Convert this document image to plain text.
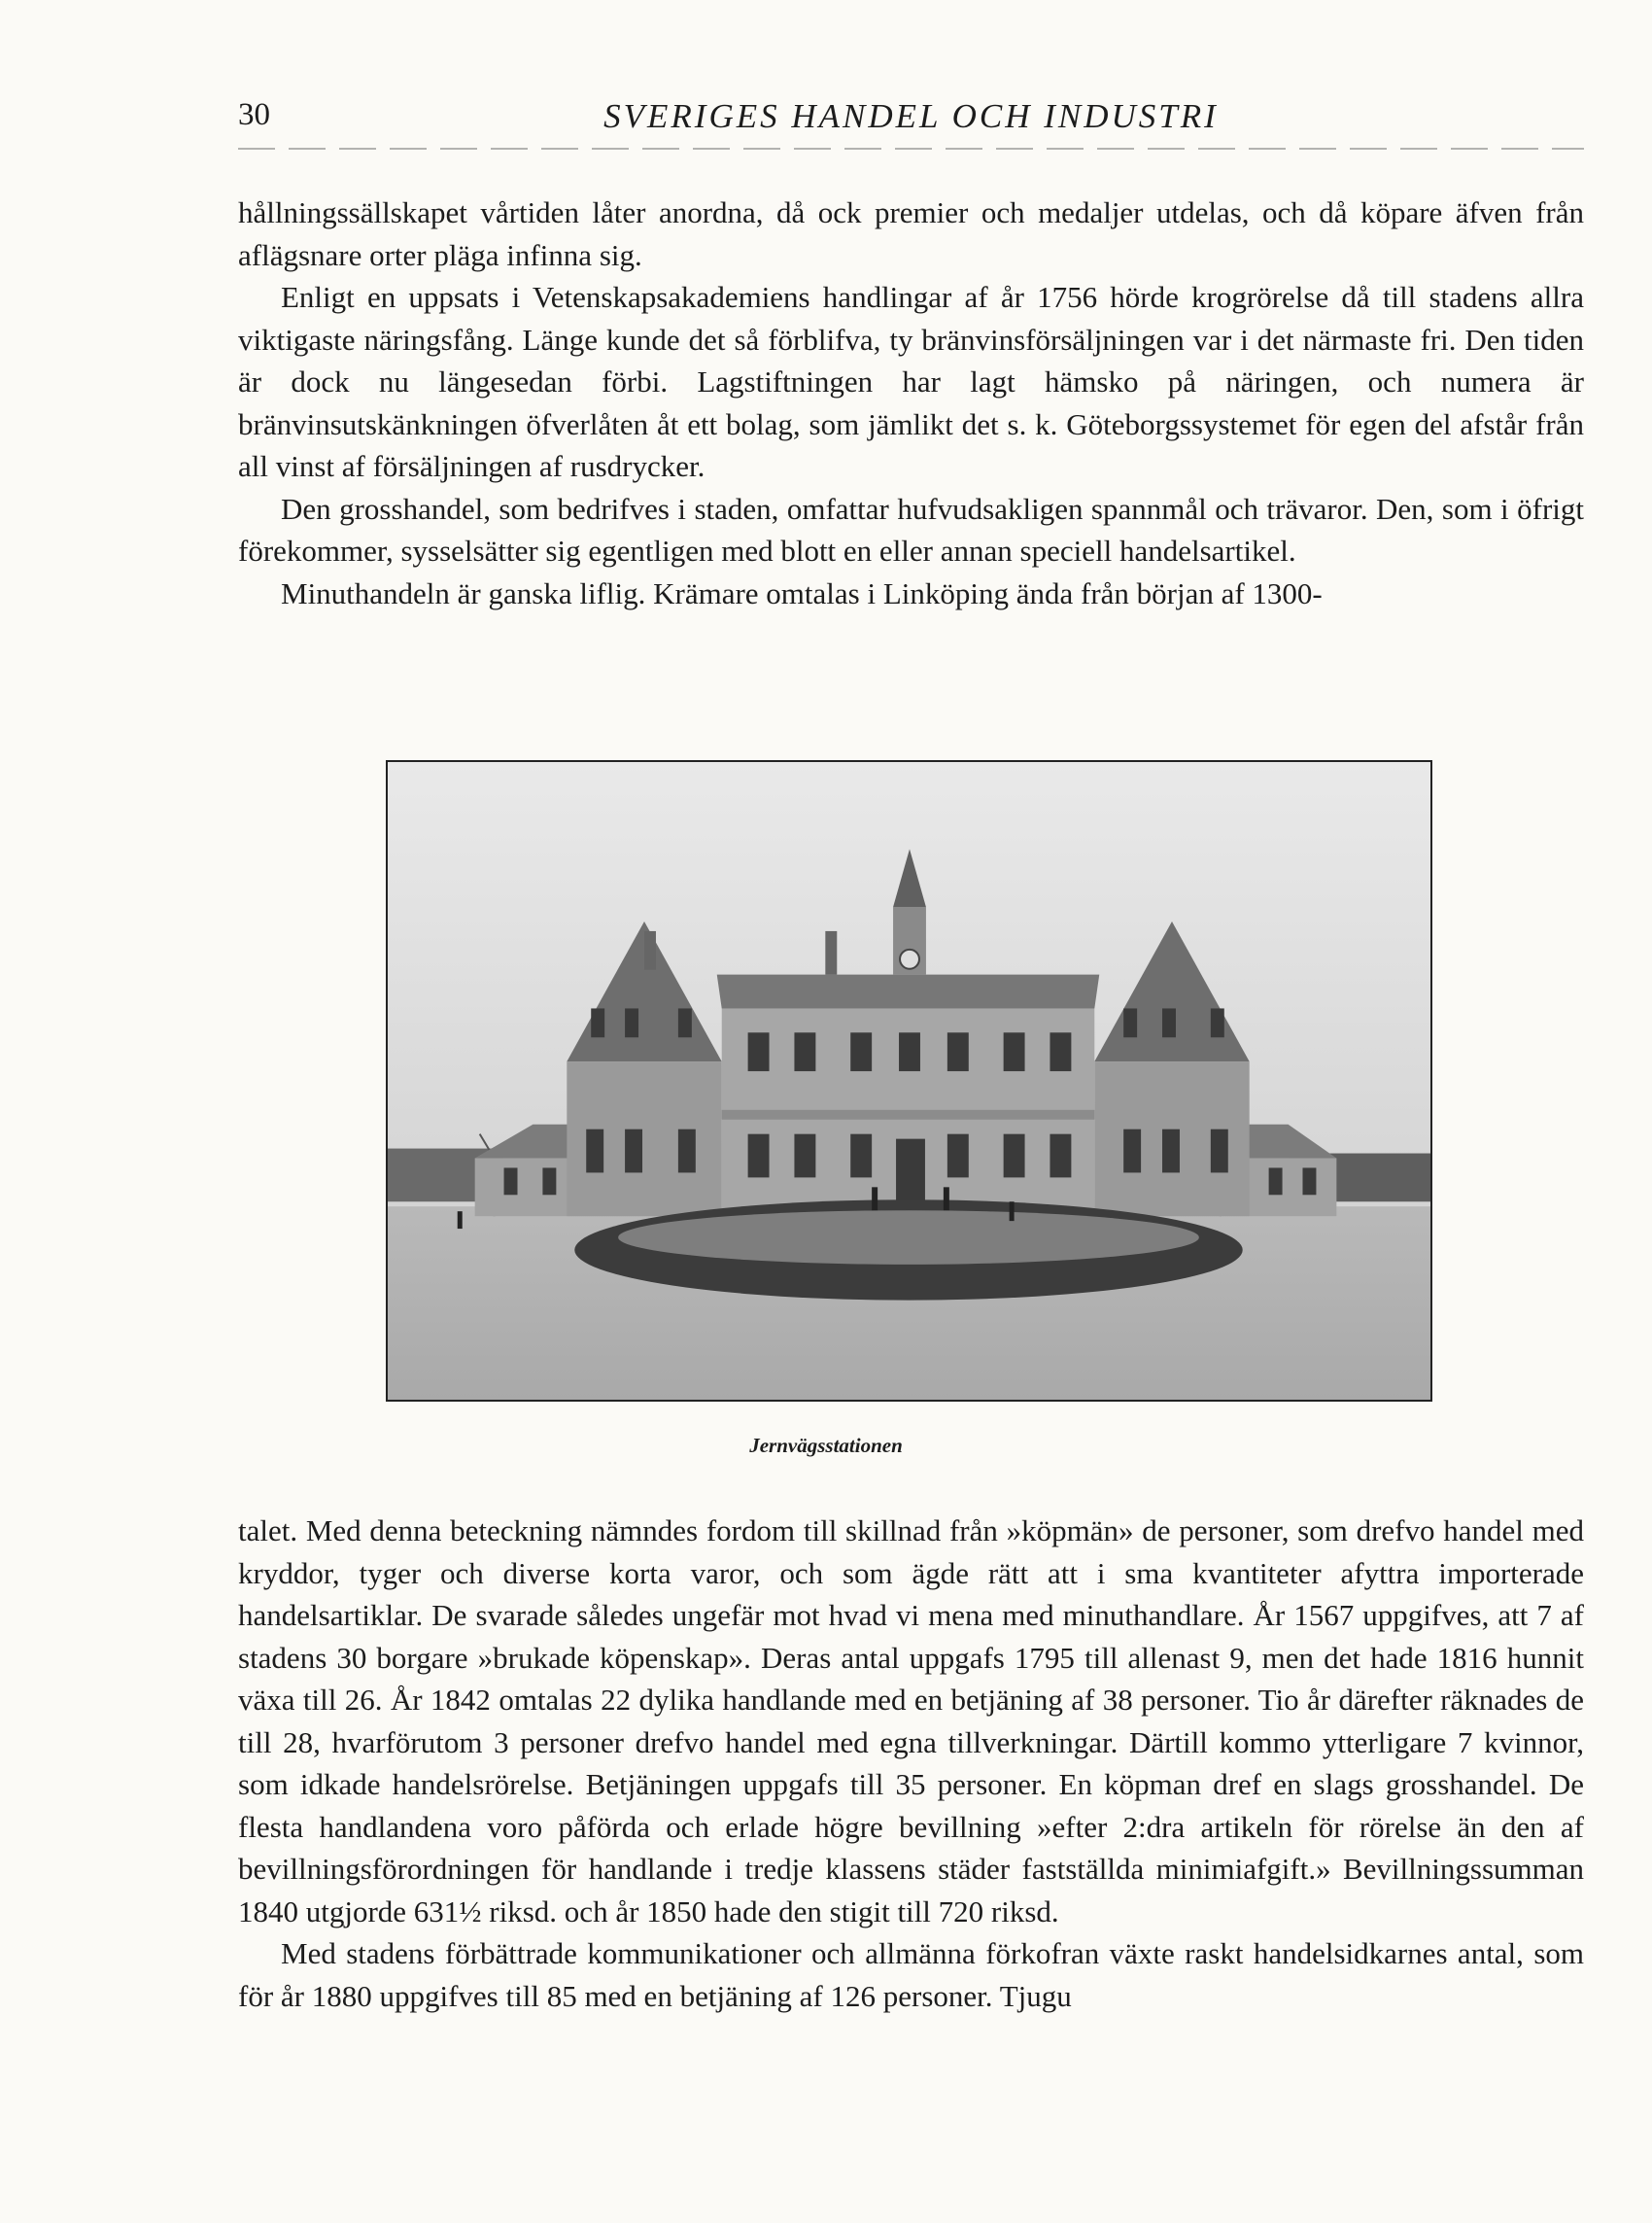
30	SVERIGES HANDEL OCH INDUSTRI

hållningssällskapet vårtiden låter anordna, då ock premier och medaljer utdelas, och då köpare äfven från aflägsnare orter pläga infinna sig.

Enligt en uppsats i Vetenskapsakademiens handlingar af år 1756 hörde krogrörelse då till stadens allra viktigaste näringsfång. Länge kunde det så förblifva, ty bränvinsförsäljningen var i det närmaste fri. Den tiden är dock nu längesedan förbi. Lagstiftningen har lagt hämsko på näringen, och numera är bränvinsutskänkningen öfverlåten åt ett bolag, som jämlikt det s. k. Göteborgssystemet för egen del afstår från all vinst af försäljningen af rusdrycker.

Den grosshandel, som bedrifves i staden, omfattar hufvudsakligen spannmål och trävaror. Den, som i öfrigt förekommer, sysselsätter sig egentligen med blott en eller annan speciell handelsartikel.

Minuthandeln är ganska liflig. Krämare omtalas i Linköping ända från början af 1300-

Jernvägsstationen

talet. Med denna beteckning nämndes fordom till skillnad från »köpmän» de personer, som drefvo handel med kryddor, tyger och diverse korta varor, och som ägde rätt att i sma kvantiteter afyttra importerade handelsartiklar. De svarade således ungefär mot hvad vi mena med minuthandlare. År 1567 uppgifves, att 7 af stadens 30 borgare »brukade köpenskap». Deras antal uppgafs 1795 till allenast 9, men det hade 1816 hunnit växa till 26. År 1842 omtalas 22 dylika handlande med en betjäning af 38 personer. Tio år därefter räknades de till 28, hvarförutom 3 personer drefvo handel med egna tillverkningar. Därtill kommo ytterligare 7 kvinnor, som idkade handelsrörelse. Betjäningen uppgafs till 35 personer. En köpman dref en slags grosshandel. De flesta handlandena voro påförda och erlade högre bevillning »efter 2:dra artikeln för rörelse än den af bevillningsförordningen för handlande i tredje klassens städer fastställda minimiafgift.» Bevillningssumman 1840 utgjorde 631½ riksd. och år 1850 hade den stigit till 720 riksd.

Med stadens förbättrade kommunikationer och allmänna förkofran växte raskt handelsidkarnes antal, som för år 1880 uppgifves till 85 med en betjäning af 126 personer. Tjugu
